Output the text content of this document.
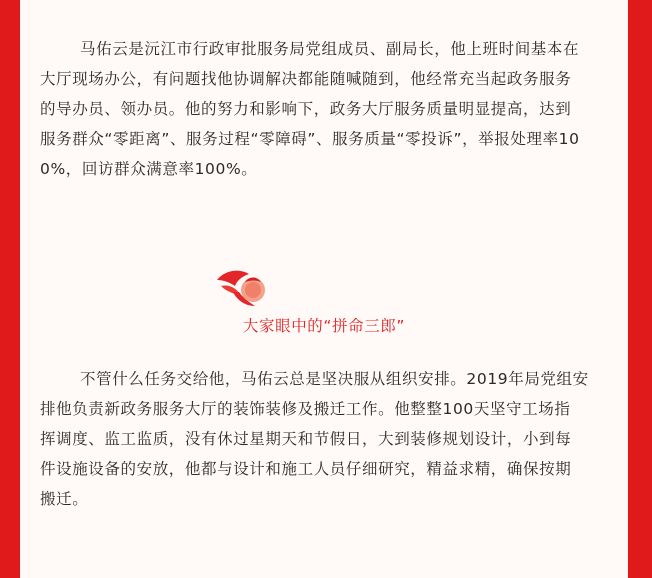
马佑云是沅江市行政审批服务局党组成员、副局长，他上班时间基本在
大厅现场办公，有问题找他协调解决都能随喊随到，他经常充当起政务服务
的导办员、领办员。他的努力和影响下，政务大厅服务质量明显提高，达到
服务群众“零距离”、服务过程“零障碍”、服务质量“零投诉”，举报处理率10
0%，回访群众满意率100%。

大家眼中的“拼命三郎”

不管什么任务交给他，马佑云总是坚决服从组织安排。2019年局党组安
排他负责新政务服务大厅的装饰装修及搬迁工作。他整整100天坚守工场指
挥调度、监工监质，没有休过星期天和节假日，大到装修规划设计，小到每
件设施设备的安放，他都与设计和施工人员仔细研究，精益求精，确保按期
搬迁。
